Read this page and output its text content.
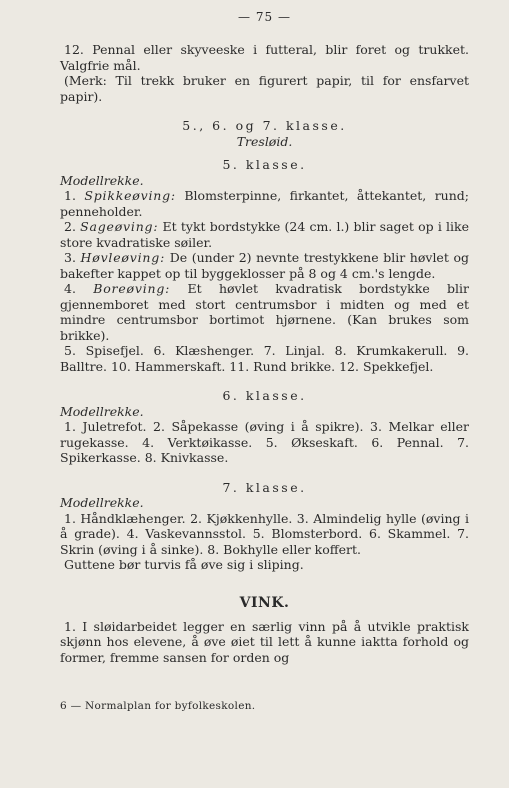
— 75 —

12. Pennal eller skyveeske i futteral, blir foret og trukket. Valgfrie mål.

(Merk: Til trekk bruker en figurert papir, til for ensfarvet papir).

5., 6. og 7. klasse.

Tresløid.

5. klasse.

Modellrekke.

1. Spikkeøving: Blomsterpinne, firkantet, åttekantet, rund; penneholder.

2. Sageøving: Et tykt bordstykke (24 cm. l.) blir saget op i like store kvadratiske søiler.

3. Høvleøving: De (under 2) nevnte trestykkene blir høvlet og bakefter kappet op til byggeklosser på 8 og 4 cm.'s lengde.

4. Boreøving: Et høvlet kvadratisk bordstykke blir gjennemboret med stort centrumsbor i midten og med et mindre centrumsbor bortimot hjørnene. (Kan brukes som brikke).

5. Spisefjel. 6. Klæshenger. 7. Linjal. 8. Krumkakerull. 9. Balltre. 10. Hammerskaft. 11. Rund brikke. 12. Spekkefjel.

6. klasse.

Modellrekke.

1. Juletrefot. 2. Såpekasse (øving i å spikre). 3. Melkar eller rugekasse. 4. Verktøikasse. 5. Økseskaft. 6. Pennal. 7. Spikerkasse. 8. Knivkasse.

7. klasse.

Modellrekke.

1. Håndklæhenger. 2. Kjøkkenhylle. 3. Almindelig hylle (øving i å grade). 4. Vaskevannsstol. 5. Blomsterbord. 6. Skammel. 7. Skrin (øving i å sinke). 8. Bokhylle eller koffert.

Guttene bør turvis få øve sig i sliping.

VINK.

1. I sløidarbeidet legger en særlig vinn på å utvikle praktisk skjønn hos elevene, å øve øiet til lett å kunne iaktta forhold og former, fremme sansen for orden og

6 — Normalplan for byfolkeskolen.
